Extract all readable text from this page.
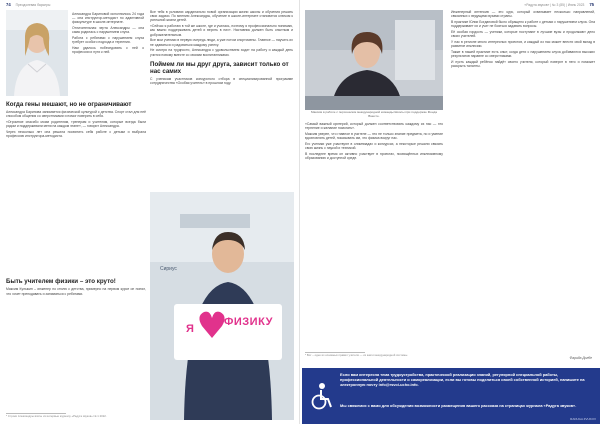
74 Преодолевая барьеры

Александра Бариновой исполнилось 24 года — она инструктор-методист по адаптивной физкультуре в школе-интернате.

Отличительная черта Александры — она сама родилась с нарушением слуха.

Работа с ребятами с нарушением слуха требует особого подхода и терпения.

Нам удалось побеседовать с ней о профессии и пути к ней.

Когда гены мешают, но не ограничивают

Александра Баринова занимается физической культурой с детства. Спорт стал для неё способом общения со сверстниками и помог поверить в себя.

«Огромное спасибо моим родителям, тренерам и учителям, которые всегда были рядом и поддерживали меня на каждом этапе», — говорит Александра.

Через несколько лет она решила посвятить себя работе с детьми и выбрала профессию инструктора-методиста.

Быть учителем физики – это круто!

Максим Кулыкин – инженер по стилю с детства, примерно на первом курсе он понял, что хочет преподавать и заниматься с ребятами.

* Строки Александры взяты из интервью журналу «Радуга звуков» № 1 2022.

Все тебя в условиях кардинально новой организации жизни школы и обучения решать свои задачи. По мнению Александры, обучение в школе-интернате становится ключом к успешной жизни детей.

«Сейчас я работаю в той же школе, где и училась, поэтому я профессионально понимаю, как важно поддерживать детей и верить в них». Наставник должен быть опытным и доброжелательным.

Все мои ученики в первую очередь люди, а уже потом спортсмены. Главное — научить их не сдаваться и радоваться каждому успеху.

Не смотря на трудности, Александра с удовольствием ходит на работу и каждый день учится новому вместе со своими воспитанниками.

Поймем ли мы друг друга, зависит только от нас самих

С ученикам участников конкурсного отбора в специализированной программе сотрудничества «Особая учитель» в прошлом году.

Я
ФИЗИКУ
Сириус
«Радуга звуков» | № 3 (85) | Июнь 2023 75
Максим в работе с персоналом международной команды Школы при поддержке Фонда Вместе.

«Самый важный критерий, который должен соответствовать каждому из нас — это терпение и желание помогать».

Максим уверен, что главное в учителе — это не только знание предмета, но и умение вдохновлять детей, показывать им, что физика вокруг нас.

Его ученики уже участвуют в олимпиадах и конкурсах, а некоторые решили связать свою жизнь с наукой и техникой.

В последнее время он активно участвует в проектах, посвящённых инклюзивному образованию и доступной среде.

* Вот – одно из основных правил учителя — из книги международной системы.

Инженерный интенсив — это курс, который охватывает несколько направлений, связанных с ведущими вузами страны.

В практике Юлии Богдановой было обращено к работе с детьми с нарушением слуха. Она поддерживает их и учит не бояться задавать вопросы.

Её особая гордость — ученики, которые поступают в лучшие вузы и продолжают дело своих учителей.

У нас в регионе много интересных проектов, и каждый из нас может внести свой вклад в развитие инклюзии.

Также в нашей практике есть опыт, когда дети с нарушением слуха добиваются высоких результатов наравне со сверстниками.

И пусть каждый ребёнок найдёт своего учителя, который поверит в него и поможет раскрыть таланты.

Фарида Долбе
Если вам интересна тема трудоустройства, практической реализации знаний, регулярной специальной работы, профессиональной деятельности и самореализации, если вы готовы поделиться своей собственной историей, напишите на электронную почту info@rsvoi-ucho.info.
Мы свяжемся с вами для обсуждения возможности размещения вашего рассказа на страницах журнала «Радуга звуков».
RADUGA ZVUKOV
